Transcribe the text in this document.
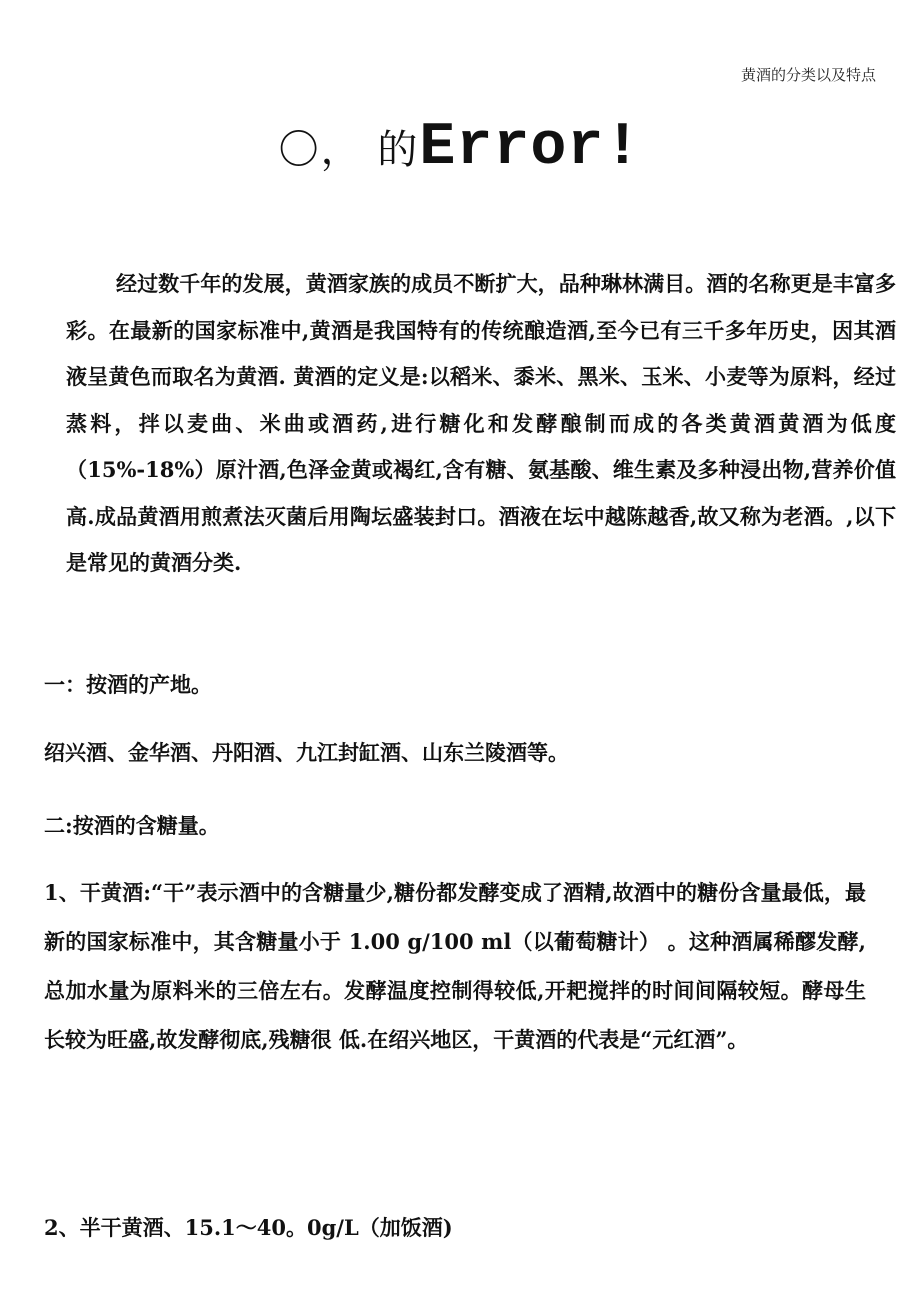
黄酒的分类以及特点
〇， 的Error!

经过数千年的发展，黄酒家族的成员不断扩大，品种琳林满目。酒的名称更是丰富多彩。在最新的国家标准中,黄酒是我国特有的传统酿造酒,至今已有三千多年历史，因其酒液呈黄色而取名为黄酒. 黄酒的定义是:以稻米、黍米、黑米、玉米、小麦等为原料，经过蒸料，拌以麦曲、米曲或酒药,进行糖化和发酵酿制而成的各类黄酒黄酒为低度（15%-18%）原汁酒,色泽金黄或褐红,含有糖、氨基酸、维生素及多种浸出物,营养价值高.成品黄酒用煎煮法灭菌后用陶坛盛装封口。酒液在坛中越陈越香,故又称为老酒。,以下是常见的黄酒分类.

一：按酒的产地。
绍兴酒、金华酒、丹阳酒、九江封缸酒、山东兰陵酒等。
二:按酒的含糖量。

1、干黄酒:“干”表示酒中的含糖量少,糖份都发酵变成了酒精,故酒中的糖份含量最低，最新的国家标准中，其含糖量小于 1.00 g/100 ml（以葡萄糖计） 。这种酒属稀醪发酵,总加水量为原料米的三倍左右。发酵温度控制得较低,开耙搅拌的时间间隔较短。酵母生长较为旺盛,故发酵彻底,残糖很 低.在绍兴地区，干黄酒的代表是“元红酒”。

2、半干黄酒、15.1～40。0g/L（加饭酒)
